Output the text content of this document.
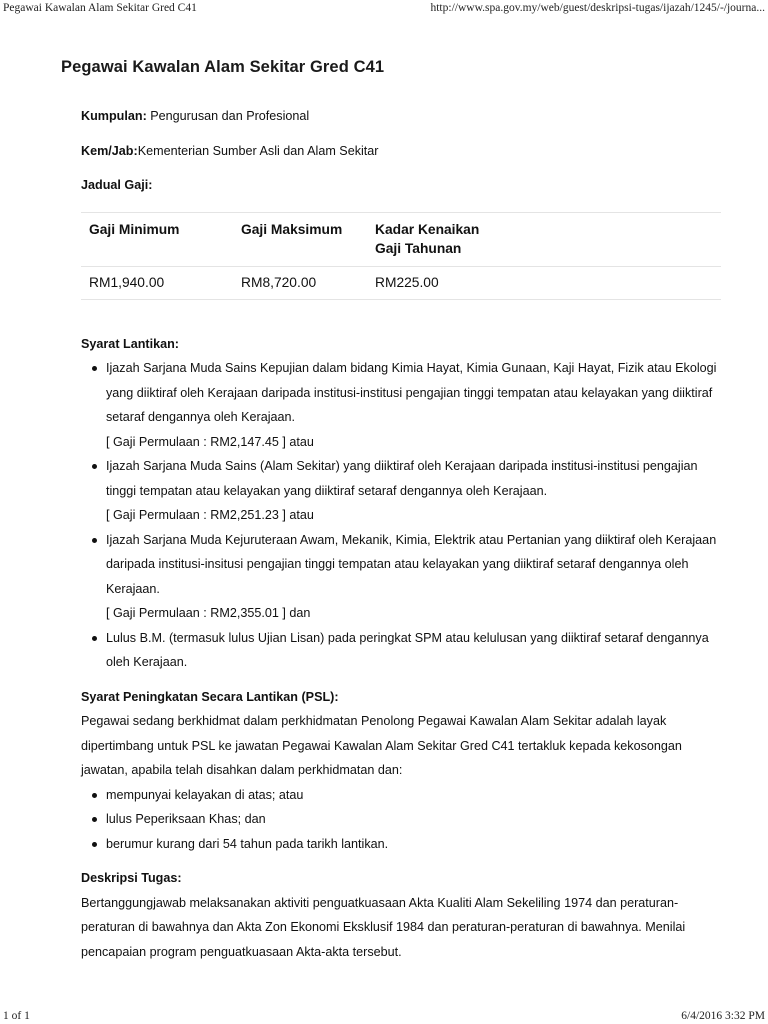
Pegawai Kawalan Alam Sekitar Gred C41	http://www.spa.gov.my/web/guest/deskripsi-tugas/ijazah/1245/-/journa...
Pegawai Kawalan Alam Sekitar Gred C41

Kumpulan: Pengurusan dan Profesional

Kem/Jab:Kementerian Sumber Asli dan Alam Sekitar

Jadual Gaji:

Gaji Minimum	Gaji Maksimum	Kadar Kenaikan Gaji Tahunan
RM1,940.00	RM8,720.00	RM225.00

Syarat Lantikan:

Ijazah Sarjana Muda Sains Kepujian dalam bidang Kimia Hayat, Kimia Gunaan, Kaji Hayat, Fizik atau Ekologi yang diiktiraf oleh Kerajaan daripada institusi-institusi pengajian tinggi tempatan atau kelayakan yang diiktiraf setaraf dengannya oleh Kerajaan.
[ Gaji Permulaan : RM2,147.45 ] atau
Ijazah Sarjana Muda Sains (Alam Sekitar) yang diiktiraf oleh Kerajaan daripada institusi-institusi pengajian tinggi tempatan atau kelayakan yang diiktiraf setaraf dengannya oleh Kerajaan.
[ Gaji Permulaan : RM2,251.23 ] atau
Ijazah Sarjana Muda Kejuruteraan Awam, Mekanik, Kimia, Elektrik atau Pertanian yang diiktiraf oleh Kerajaan daripada institusi-insitusi pengajian tinggi tempatan atau kelayakan yang diiktiraf setaraf dengannya oleh Kerajaan.
[ Gaji Permulaan : RM2,355.01 ] dan
Lulus B.M. (termasuk lulus Ujian Lisan) pada peringkat SPM atau kelulusan yang diiktiraf setaraf dengannya oleh Kerajaan.

Syarat Peningkatan Secara Lantikan (PSL):

Pegawai sedang berkhidmat dalam perkhidmatan Penolong Pegawai Kawalan Alam Sekitar adalah layak dipertimbang untuk PSL ke jawatan Pegawai Kawalan Alam Sekitar Gred C41 tertakluk kepada kekosongan jawatan, apabila telah disahkan dalam perkhidmatan dan:

mempunyai kelayakan di atas; atau
lulus Peperiksaan Khas; dan
berumur kurang dari 54 tahun pada tarikh lantikan.

Deskripsi Tugas:

Bertanggungjawab melaksanakan aktiviti penguatkuasaan Akta Kualiti Alam Sekeliling 1974 dan peraturan-peraturan di bawahnya dan Akta Zon Ekonomi Eksklusif 1984 dan peraturan-peraturan di bawahnya. Menilai pencapaian program penguatkuasaan Akta-akta tersebut.

1 of 1	6/4/2016 3:32 PM
